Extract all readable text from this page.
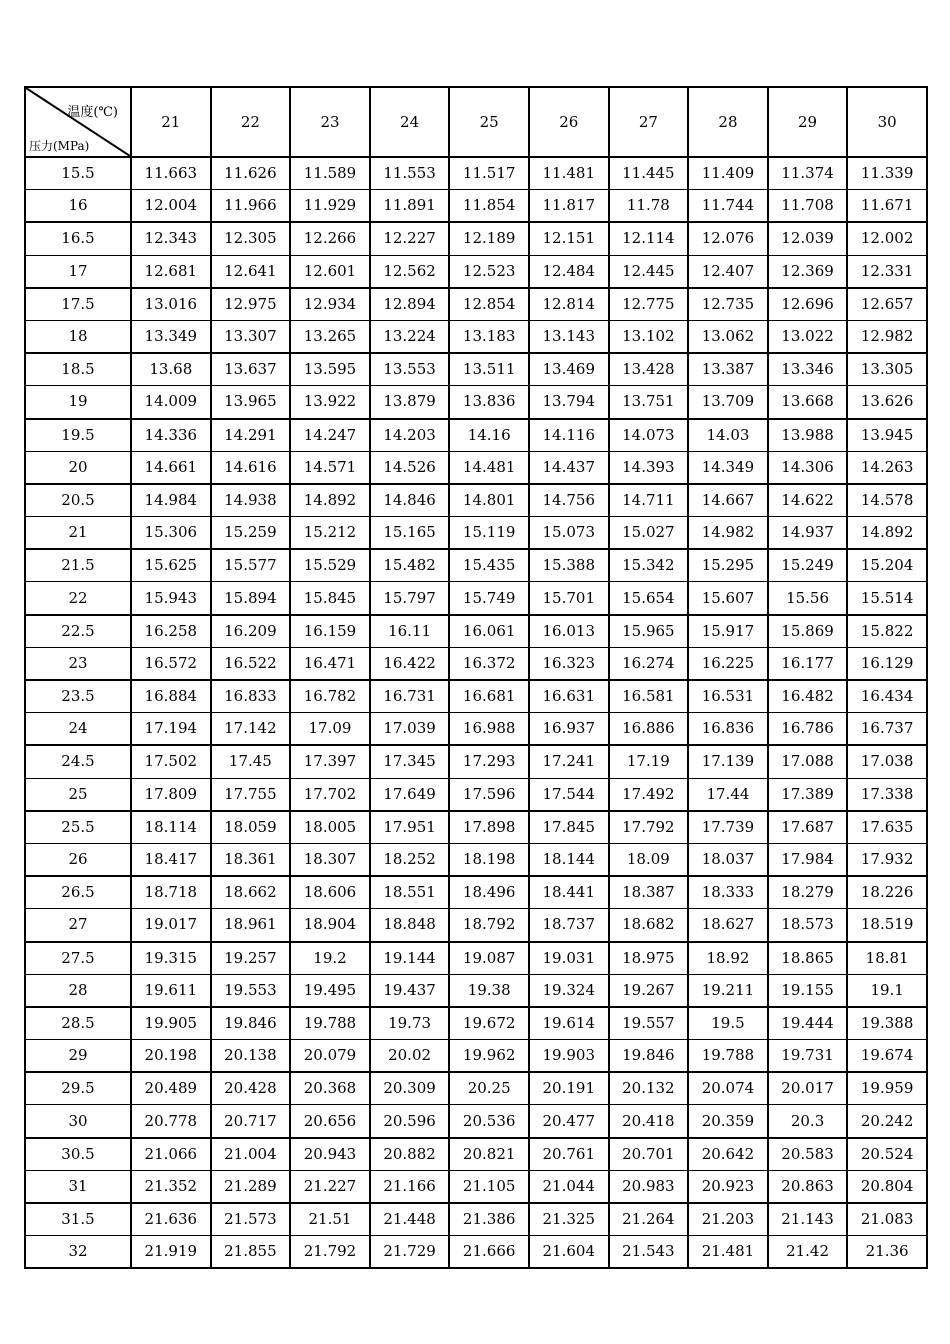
温度(℃)
压力(MPa)	21	22	23	24	25	26	27	28	29	30
15.5	11.663	11.626	11.589	11.553	11.517	11.481	11.445	11.409	11.374	11.339
16	12.004	11.966	11.929	11.891	11.854	11.817	11.78	11.744	11.708	11.671
16.5	12.343	12.305	12.266	12.227	12.189	12.151	12.114	12.076	12.039	12.002
17	12.681	12.641	12.601	12.562	12.523	12.484	12.445	12.407	12.369	12.331
17.5	13.016	12.975	12.934	12.894	12.854	12.814	12.775	12.735	12.696	12.657
18	13.349	13.307	13.265	13.224	13.183	13.143	13.102	13.062	13.022	12.982
18.5	13.68	13.637	13.595	13.553	13.511	13.469	13.428	13.387	13.346	13.305
19	14.009	13.965	13.922	13.879	13.836	13.794	13.751	13.709	13.668	13.626
19.5	14.336	14.291	14.247	14.203	14.16	14.116	14.073	14.03	13.988	13.945
20	14.661	14.616	14.571	14.526	14.481	14.437	14.393	14.349	14.306	14.263
20.5	14.984	14.938	14.892	14.846	14.801	14.756	14.711	14.667	14.622	14.578
21	15.306	15.259	15.212	15.165	15.119	15.073	15.027	14.982	14.937	14.892
21.5	15.625	15.577	15.529	15.482	15.435	15.388	15.342	15.295	15.249	15.204
22	15.943	15.894	15.845	15.797	15.749	15.701	15.654	15.607	15.56	15.514
22.5	16.258	16.209	16.159	16.11	16.061	16.013	15.965	15.917	15.869	15.822
23	16.572	16.522	16.471	16.422	16.372	16.323	16.274	16.225	16.177	16.129
23.5	16.884	16.833	16.782	16.731	16.681	16.631	16.581	16.531	16.482	16.434
24	17.194	17.142	17.09	17.039	16.988	16.937	16.886	16.836	16.786	16.737
24.5	17.502	17.45	17.397	17.345	17.293	17.241	17.19	17.139	17.088	17.038
25	17.809	17.755	17.702	17.649	17.596	17.544	17.492	17.44	17.389	17.338
25.5	18.114	18.059	18.005	17.951	17.898	17.845	17.792	17.739	17.687	17.635
26	18.417	18.361	18.307	18.252	18.198	18.144	18.09	18.037	17.984	17.932
26.5	18.718	18.662	18.606	18.551	18.496	18.441	18.387	18.333	18.279	18.226
27	19.017	18.961	18.904	18.848	18.792	18.737	18.682	18.627	18.573	18.519
27.5	19.315	19.257	19.2	19.144	19.087	19.031	18.975	18.92	18.865	18.81
28	19.611	19.553	19.495	19.437	19.38	19.324	19.267	19.211	19.155	19.1
28.5	19.905	19.846	19.788	19.73	19.672	19.614	19.557	19.5	19.444	19.388
29	20.198	20.138	20.079	20.02	19.962	19.903	19.846	19.788	19.731	19.674
29.5	20.489	20.428	20.368	20.309	20.25	20.191	20.132	20.074	20.017	19.959
30	20.778	20.717	20.656	20.596	20.536	20.477	20.418	20.359	20.3	20.242
30.5	21.066	21.004	20.943	20.882	20.821	20.761	20.701	20.642	20.583	20.524
31	21.352	21.289	21.227	21.166	21.105	21.044	20.983	20.923	20.863	20.804
31.5	21.636	21.573	21.51	21.448	21.386	21.325	21.264	21.203	21.143	21.083
32	21.919	21.855	21.792	21.729	21.666	21.604	21.543	21.481	21.42	21.36
